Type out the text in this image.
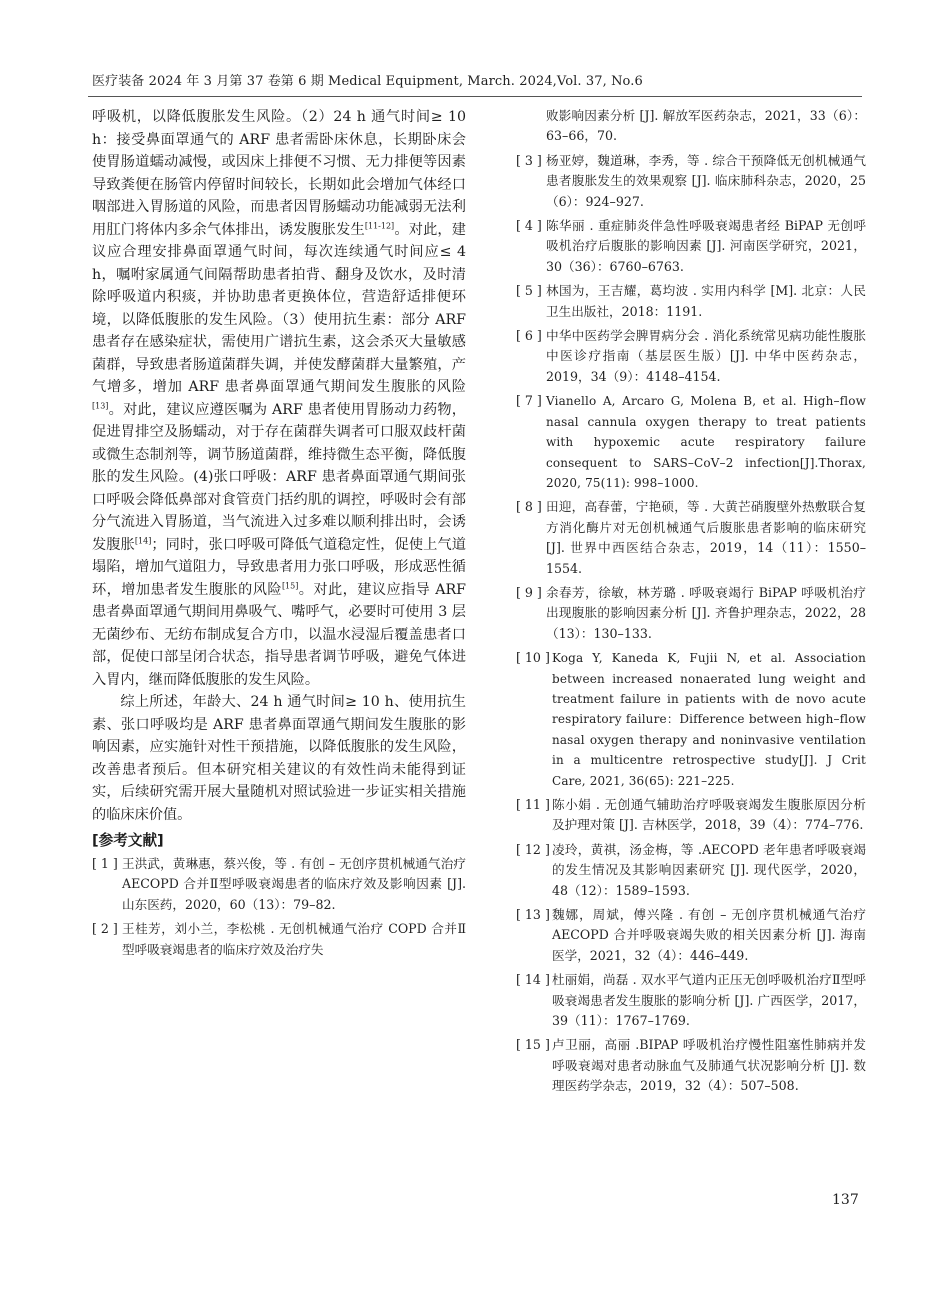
医疗装备 2024 年 3 月第 37 卷第 6 期 Medical Equipment, March. 2024,Vol. 37, No.6

呼吸机，以降低腹胀发生风险。（2）24 h 通气时间≥ 10 h：接受鼻面罩通气的 ARF 患者需卧床休息，长期卧床会使胃肠道蠕动减慢，或因床上排便不习惯、无力排便等因素导致粪便在肠管内停留时间较长，长期如此会增加气体经口咽部进入胃肠道的风险，而患者因胃肠蠕动功能减弱无法利用肛门将体内多余气体排出，诱发腹胀发生[11-12]。对此，建议应合理安排鼻面罩通气时间，每次连续通气时间应≤ 4 h，嘱咐家属通气间隔帮助患者拍背、翻身及饮水，及时清除呼吸道内积痰，并协助患者更换体位，营造舒适排便环境，以降低腹胀的发生风险。（3）使用抗生素：部分 ARF 患者存在感染症状，需使用广谱抗生素，这会杀灭大量敏感菌群，导致患者肠道菌群失调，并使发酵菌群大量繁殖，产气增多，增加 ARF 患者鼻面罩通气期间发生腹胀的风险[13]。对此，建议应遵医嘱为 ARF 患者使用胃肠动力药物，促进胃排空及肠蠕动，对于存在菌群失调者可口服双歧杆菌或微生态制剂等，调节肠道菌群，维持微生态平衡，降低腹胀的发生风险。(4)张口呼吸：ARF 患者鼻面罩通气期间张口呼吸会降低鼻部对食管贲门括约肌的调控，呼吸时会有部分气流进入胃肠道，当气流进入过多难以顺利排出时，会诱发腹胀[14]；同时，张口呼吸可降低气道稳定性，促使上气道塌陷，增加气道阻力，导致患者用力张口呼吸，形成恶性循环，增加患者发生腹胀的风险[15]。对此，建议应指导 ARF 患者鼻面罩通气期间用鼻吸气、嘴呼气，必要时可使用 3 层无菌纱布、无纺布制成复合方巾，以温水浸湿后覆盖患者口部，促使口部呈闭合状态，指导患者调节呼吸，避免气体进入胃内，继而降低腹胀的发生风险。

综上所述，年龄大、24 h 通气时间≥ 10 h、使用抗生素、张口呼吸均是 ARF 患者鼻面罩通气期间发生腹胀的影响因素，应实施针对性干预措施，以降低腹胀的发生风险，改善患者预后。但本研究相关建议的有效性尚未能得到证实，后续研究需开展大量随机对照试验进一步证实相关措施的临床床价值。

[参考文献]
[ 1 ] 王洪武，黄琳惠，蔡兴俊，等 . 有创 – 无创序贯机械通气治疗 AECOPD 合并Ⅱ型呼吸衰竭患者的临床疗效及影响因素 [J]. 山东医药，2020，60（13）：79–82.
[ 2 ] 王桂芳，刘小兰，李松桃 . 无创机械通气治疗 COPD 合并Ⅱ型呼吸衰竭患者的临床疗效及治疗失
败影响因素分析 [J]. 解放军医药杂志，2021，33（6）：63–66，70.
[ 3 ] 杨亚婷，魏道琳，李秀，等 . 综合干预降低无创机械通气患者腹胀发生的效果观察 [J]. 临床肺科杂志，2020，25（6）：924–927.
[ 4 ] 陈华丽 . 重症肺炎伴急性呼吸衰竭患者经 BiPAP 无创呼吸机治疗后腹胀的影响因素 [J]. 河南医学研究，2021，30（36）：6760–6763.
[ 5 ] 林国为，王吉耀，葛均波 . 实用内科学 [M]. 北京：人民卫生出版社，2018：1191.
[ 6 ] 中华中医药学会脾胃病分会 . 消化系统常见病功能性腹胀中医诊疗指南（基层医生版）[J]. 中华中医药杂志，2019，34（9）：4148–4154.
[ 7 ] Vianello A, Arcaro G, Molena B, et al. High–flow nasal cannula oxygen therapy to treat patients with hypoxemic acute respiratory failure consequent to SARS–CoV–2 infection[J].Thorax, 2020, 75(11): 998–1000.
[ 8 ] 田迎，高春蕾，宁艳硕，等 . 大黄芒硝腹壁外热敷联合复方消化酶片对无创机械通气后腹胀患者影响的临床研究 [J]. 世界中西医结合杂志，2019，14（11）：1550–1554.
[ 9 ] 余春芳，徐敏，林芳璐 . 呼吸衰竭行 BiPAP 呼吸机治疗出现腹胀的影响因素分析 [J]. 齐鲁护理杂志，2022，28（13）：130–133.
[ 10 ] Koga Y, Kaneda K, Fujii N, et al. Association between increased nonaerated lung weight and treatment failure in patients with de novo acute respiratory failure：Difference between high–flow nasal oxygen therapy and noninvasive ventilation in a multicentre retrospective study[J]. J Crit Care, 2021, 36(65): 221–225.
[ 11 ] 陈小娟 . 无创通气辅助治疗呼吸衰竭发生腹胀原因分析及护理对策 [J]. 吉林医学，2018，39（4）：774–776.
[ 12 ] 凌玲，黄祺，汤金梅，等 .AECOPD 老年患者呼吸衰竭的发生情况及其影响因素研究 [J]. 现代医学，2020，48（12）：1589–1593.
[ 13 ] 魏娜，周斌，傅兴隆 . 有创 – 无创序贯机械通气治疗 AECOPD 合并呼吸衰竭失败的相关因素分析 [J]. 海南医学，2021，32（4）：446–449.
[ 14 ] 杜丽娟，尚磊 . 双水平气道内正压无创呼吸机治疗Ⅱ型呼吸衰竭患者发生腹胀的影响分析 [J]. 广西医学，2017，39（11）：1767–1769.
[ 15 ] 卢卫丽，高丽 .BIPAP 呼吸机治疗慢性阻塞性肺病并发呼吸衰竭对患者动脉血气及肺通气状况影响分析 [J]. 数理医药学杂志，2019，32（4）：507–508.
137
